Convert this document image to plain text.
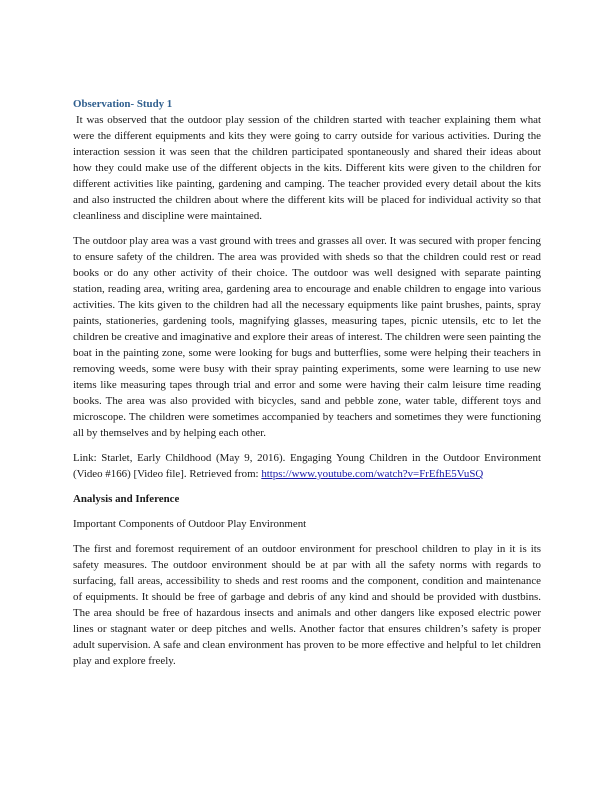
Observation- Study 1

It was observed that the outdoor play session of the children started with teacher explaining them what were the different equipments and kits they were going to carry outside for various activities. During the interaction session it was seen that the children participated spontaneously and shared their ideas about how they could make use of the different objects in the kits. Different kits were given to the children for different activities like painting, gardening and camping. The teacher provided every detail about the kits and also instructed the children about where the different kits will be placed for individual activity so that cleanliness and discipline were maintained.

The outdoor play area was a vast ground with trees and grasses all over. It was secured with proper fencing to ensure safety of the children. The area was provided with sheds so that the children could rest or read books or do any other activity of their choice. The outdoor was well designed with separate painting station, reading area, writing area, gardening area to encourage and enable children to engage into various activities. The kits given to the children had all the necessary equipments like paint brushes, paints, spray paints, stationeries, gardening tools, magnifying glasses, measuring tapes, picnic utensils, etc to let the children be creative and imaginative and explore their areas of interest. The children were seen painting the boat in the painting zone, some were looking for bugs and butterflies, some were helping their teachers in removing weeds, some were busy with their spray painting experiments, some were learning to use new items like measuring tapes through trial and error and some were having their calm leisure time reading books. The area was also provided with bicycles, sand and pebble zone, water table, different toys and microscope. The children were sometimes accompanied by teachers and sometimes they were functioning all by themselves and by helping each other.

Link: Starlet, Early Childhood (May 9, 2016). Engaging Young Children in the Outdoor Environment (Video #166) [Video file]. Retrieved from: https://www.youtube.com/watch?v=FrEfhE5VuSQ

Analysis and Inference

Important Components of Outdoor Play Environment

The first and foremost requirement of an outdoor environment for preschool children to play in it is its safety measures. The outdoor environment should be at par with all the safety norms with regards to surfacing, fall areas, accessibility to sheds and rest rooms and the component, condition and maintenance of equipments. It should be free of garbage and debris of any kind and should be provided with dustbins. The area should be free of hazardous insects and animals and other dangers like exposed electric power lines or stagnant water or deep pitches and wells. Another factor that ensures children’s safety is proper adult supervision. A safe and clean environment has proven to be more effective and helpful to let children play and explore freely.
